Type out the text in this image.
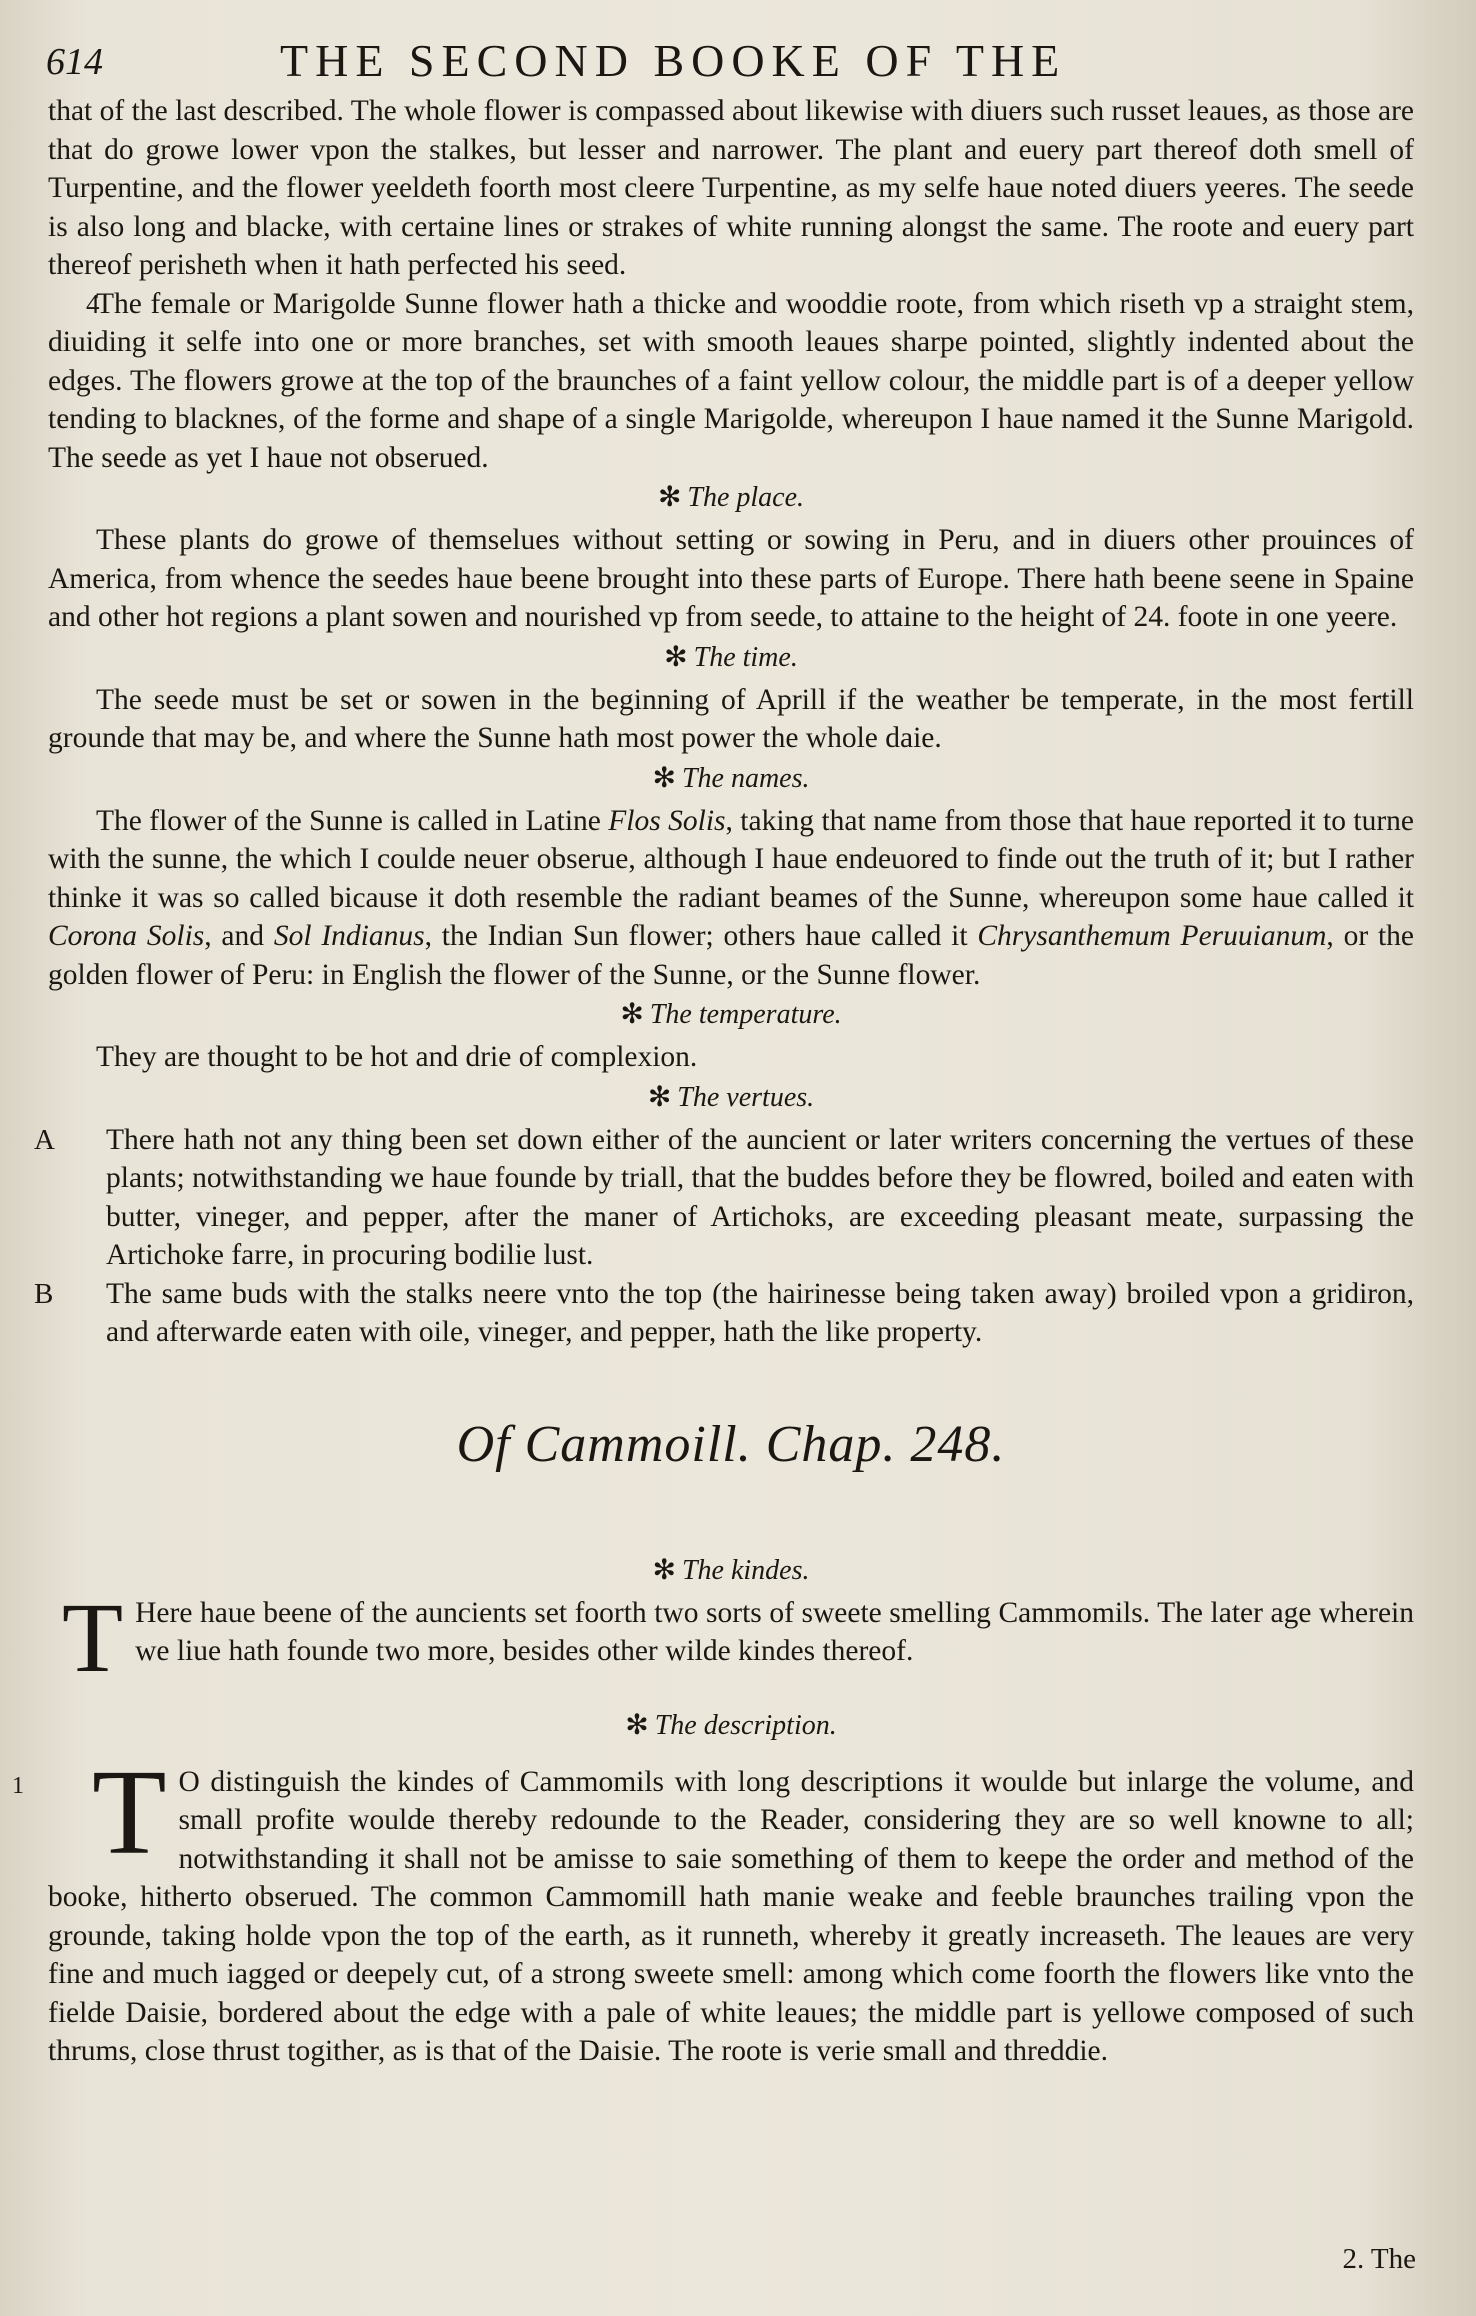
614	THE SECOND BOOKE OF THE

that of the last described. The whole flower is compassed about likewise with diuers such russet leaues, as those are that do growe lower vpon the stalkes, but lesser and narrower. The plant and euery part thereof doth smell of Turpentine, and the flower yeeldeth foorth most cleere Turpentine, as my selfe haue noted diuers yeeres. The seede is also long and blacke, with certaine lines or strakes of white running alongst the same. The roote and euery part thereof perisheth when it hath perfected his seed.

4
The female or Marigolde Sunne flower hath a thicke and wooddie roote, from which riseth vp a straight stem, diuiding it selfe into one or more branches, set with smooth leaues sharpe pointed, slightly indented about the edges. The flowers growe at the top of the braunches of a faint yellow colour, the middle part is of a deeper yellow tending to blacknes, of the forme and shape of a single Marigolde, whereupon I haue named it the Sunne Marigold. The seede as yet I haue not obserued.

✻ The place.

These plants do growe of themselues without setting or sowing in Peru, and in diuers other prouinces of America, from whence the seedes haue beene brought into these parts of Europe. There hath beene seene in Spaine and other hot regions a plant sowen and nourished vp from seede, to attaine to the height of 24. foote in one yeere.

✻ The time.

The seede must be set or sowen in the beginning of Aprill if the weather be temperate, in the most fertill grounde that may be, and where the Sunne hath most power the whole daie.

✻ The names.

The flower of the Sunne is called in Latine Flos Solis, taking that name from those that haue reported it to turne with the sunne, the which I coulde neuer obserue, although I haue endeuored to finde out the truth of it; but I rather thinke it was so called bicause it doth resemble the radiant beames of the Sunne, whereupon some haue called it Corona Solis, and Sol Indianus, the Indian Sun flower; others haue called it Chrysanthemum Peruuianum, or the golden flower of Peru: in English the flower of the Sunne, or the Sunne flower.

✻ The temperature.

They are thought to be hot and drie of complexion.

✻ The vertues.

A There hath not any thing been set down either of the auncient or later writers concerning the vertues of these plants; notwithstanding we haue founde by triall, that the buddes before they be flowred, boiled and eaten with butter, vineger, and pepper, after the maner of Artichoks, are exceeding pleasant meate, surpassing the Artichoke farre, in procuring bodilie lust.

B The same buds with the stalks neere vnto the top (the hairinesse being taken away) broiled vpon a gridiron, and afterwarde eaten with oile, vineger, and pepper, hath the like property.

Of Cammoill. Chap. 248.
✻ The kindes.

T Here haue beene of the auncients set foorth two sorts of sweete smelling Cammomils. The later age wherein we liue hath founde two more, besides other wilde kindes thereof.

✻ The description.

1 T O distinguish the kindes of Cammomils with long descriptions it woulde but inlarge the volume, and small profite woulde thereby redounde to the Reader, considering they are so well knowne to all; notwithstanding it shall not be amisse to saie something of them to keepe the order and method of the booke, hitherto obserued. The common Cammomill hath manie weake and feeble braunches trailing vpon the grounde, taking holde vpon the top of the earth, as it runneth, whereby it greatly increaseth. The leaues are very fine and much iagged or deepely cut, of a strong sweete smell: among which come foorth the flowers like vnto the fielde Daisie, bordered about the edge with a pale of white leaues; the middle part is yellowe composed of such thrums, close thrust togither, as is that of the Daisie. The roote is verie small and threddie.

2. The
